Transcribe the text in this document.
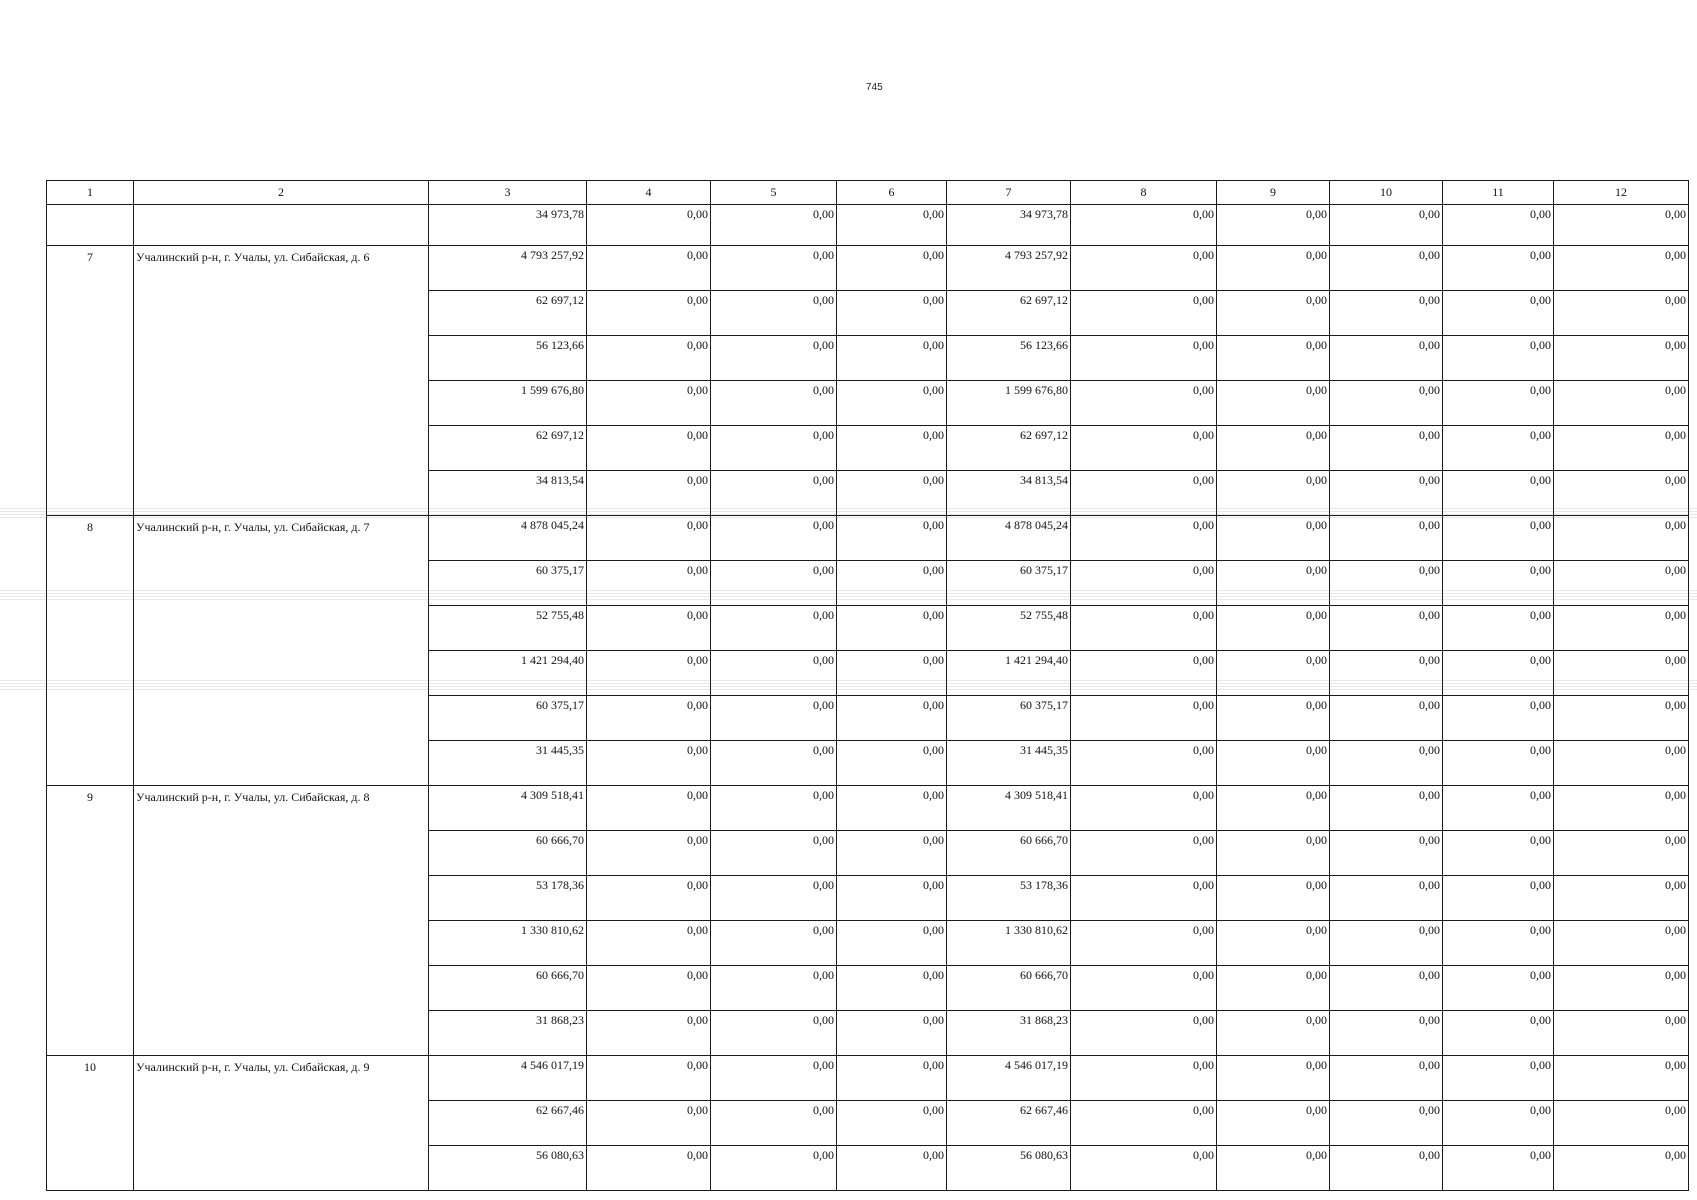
745
1	2	3	4	5	6	7	8	9	10	11	12
		34 973,78	0,00	0,00	0,00	34 973,78	0,00	0,00	0,00	0,00	0,00
7	Учалинский р-н, г. Учалы, ул. Сибайская, д. 6	4 793 257,92	0,00	0,00	0,00	4 793 257,92	0,00	0,00	0,00	0,00	0,00
		62 697,12	0,00	0,00	0,00	62 697,12	0,00	0,00	0,00	0,00	0,00
		56 123,66	0,00	0,00	0,00	56 123,66	0,00	0,00	0,00	0,00	0,00
		1 599 676,80	0,00	0,00	0,00	1 599 676,80	0,00	0,00	0,00	0,00	0,00
		62 697,12	0,00	0,00	0,00	62 697,12	0,00	0,00	0,00	0,00	0,00
		34 813,54	0,00	0,00	0,00	34 813,54	0,00	0,00	0,00	0,00	0,00
8	Учалинский р-н, г. Учалы, ул. Сибайская, д. 7	4 878 045,24	0,00	0,00	0,00	4 878 045,24	0,00	0,00	0,00	0,00	0,00
		60 375,17	0,00	0,00	0,00	60 375,17	0,00	0,00	0,00	0,00	0,00
		52 755,48	0,00	0,00	0,00	52 755,48	0,00	0,00	0,00	0,00	0,00
		1 421 294,40	0,00	0,00	0,00	1 421 294,40	0,00	0,00	0,00	0,00	0,00
		60 375,17	0,00	0,00	0,00	60 375,17	0,00	0,00	0,00	0,00	0,00
		31 445,35	0,00	0,00	0,00	31 445,35	0,00	0,00	0,00	0,00	0,00
9	Учалинский р-н, г. Учалы, ул. Сибайская, д. 8	4 309 518,41	0,00	0,00	0,00	4 309 518,41	0,00	0,00	0,00	0,00	0,00
		60 666,70	0,00	0,00	0,00	60 666,70	0,00	0,00	0,00	0,00	0,00
		53 178,36	0,00	0,00	0,00	53 178,36	0,00	0,00	0,00	0,00	0,00
		1 330 810,62	0,00	0,00	0,00	1 330 810,62	0,00	0,00	0,00	0,00	0,00
		60 666,70	0,00	0,00	0,00	60 666,70	0,00	0,00	0,00	0,00	0,00
		31 868,23	0,00	0,00	0,00	31 868,23	0,00	0,00	0,00	0,00	0,00
10	Учалинский р-н, г. Учалы, ул. Сибайская, д. 9	4 546 017,19	0,00	0,00	0,00	4 546 017,19	0,00	0,00	0,00	0,00	0,00
		62 667,46	0,00	0,00	0,00	62 667,46	0,00	0,00	0,00	0,00	0,00
		56 080,63	0,00	0,00	0,00	56 080,63	0,00	0,00	0,00	0,00	0,00
